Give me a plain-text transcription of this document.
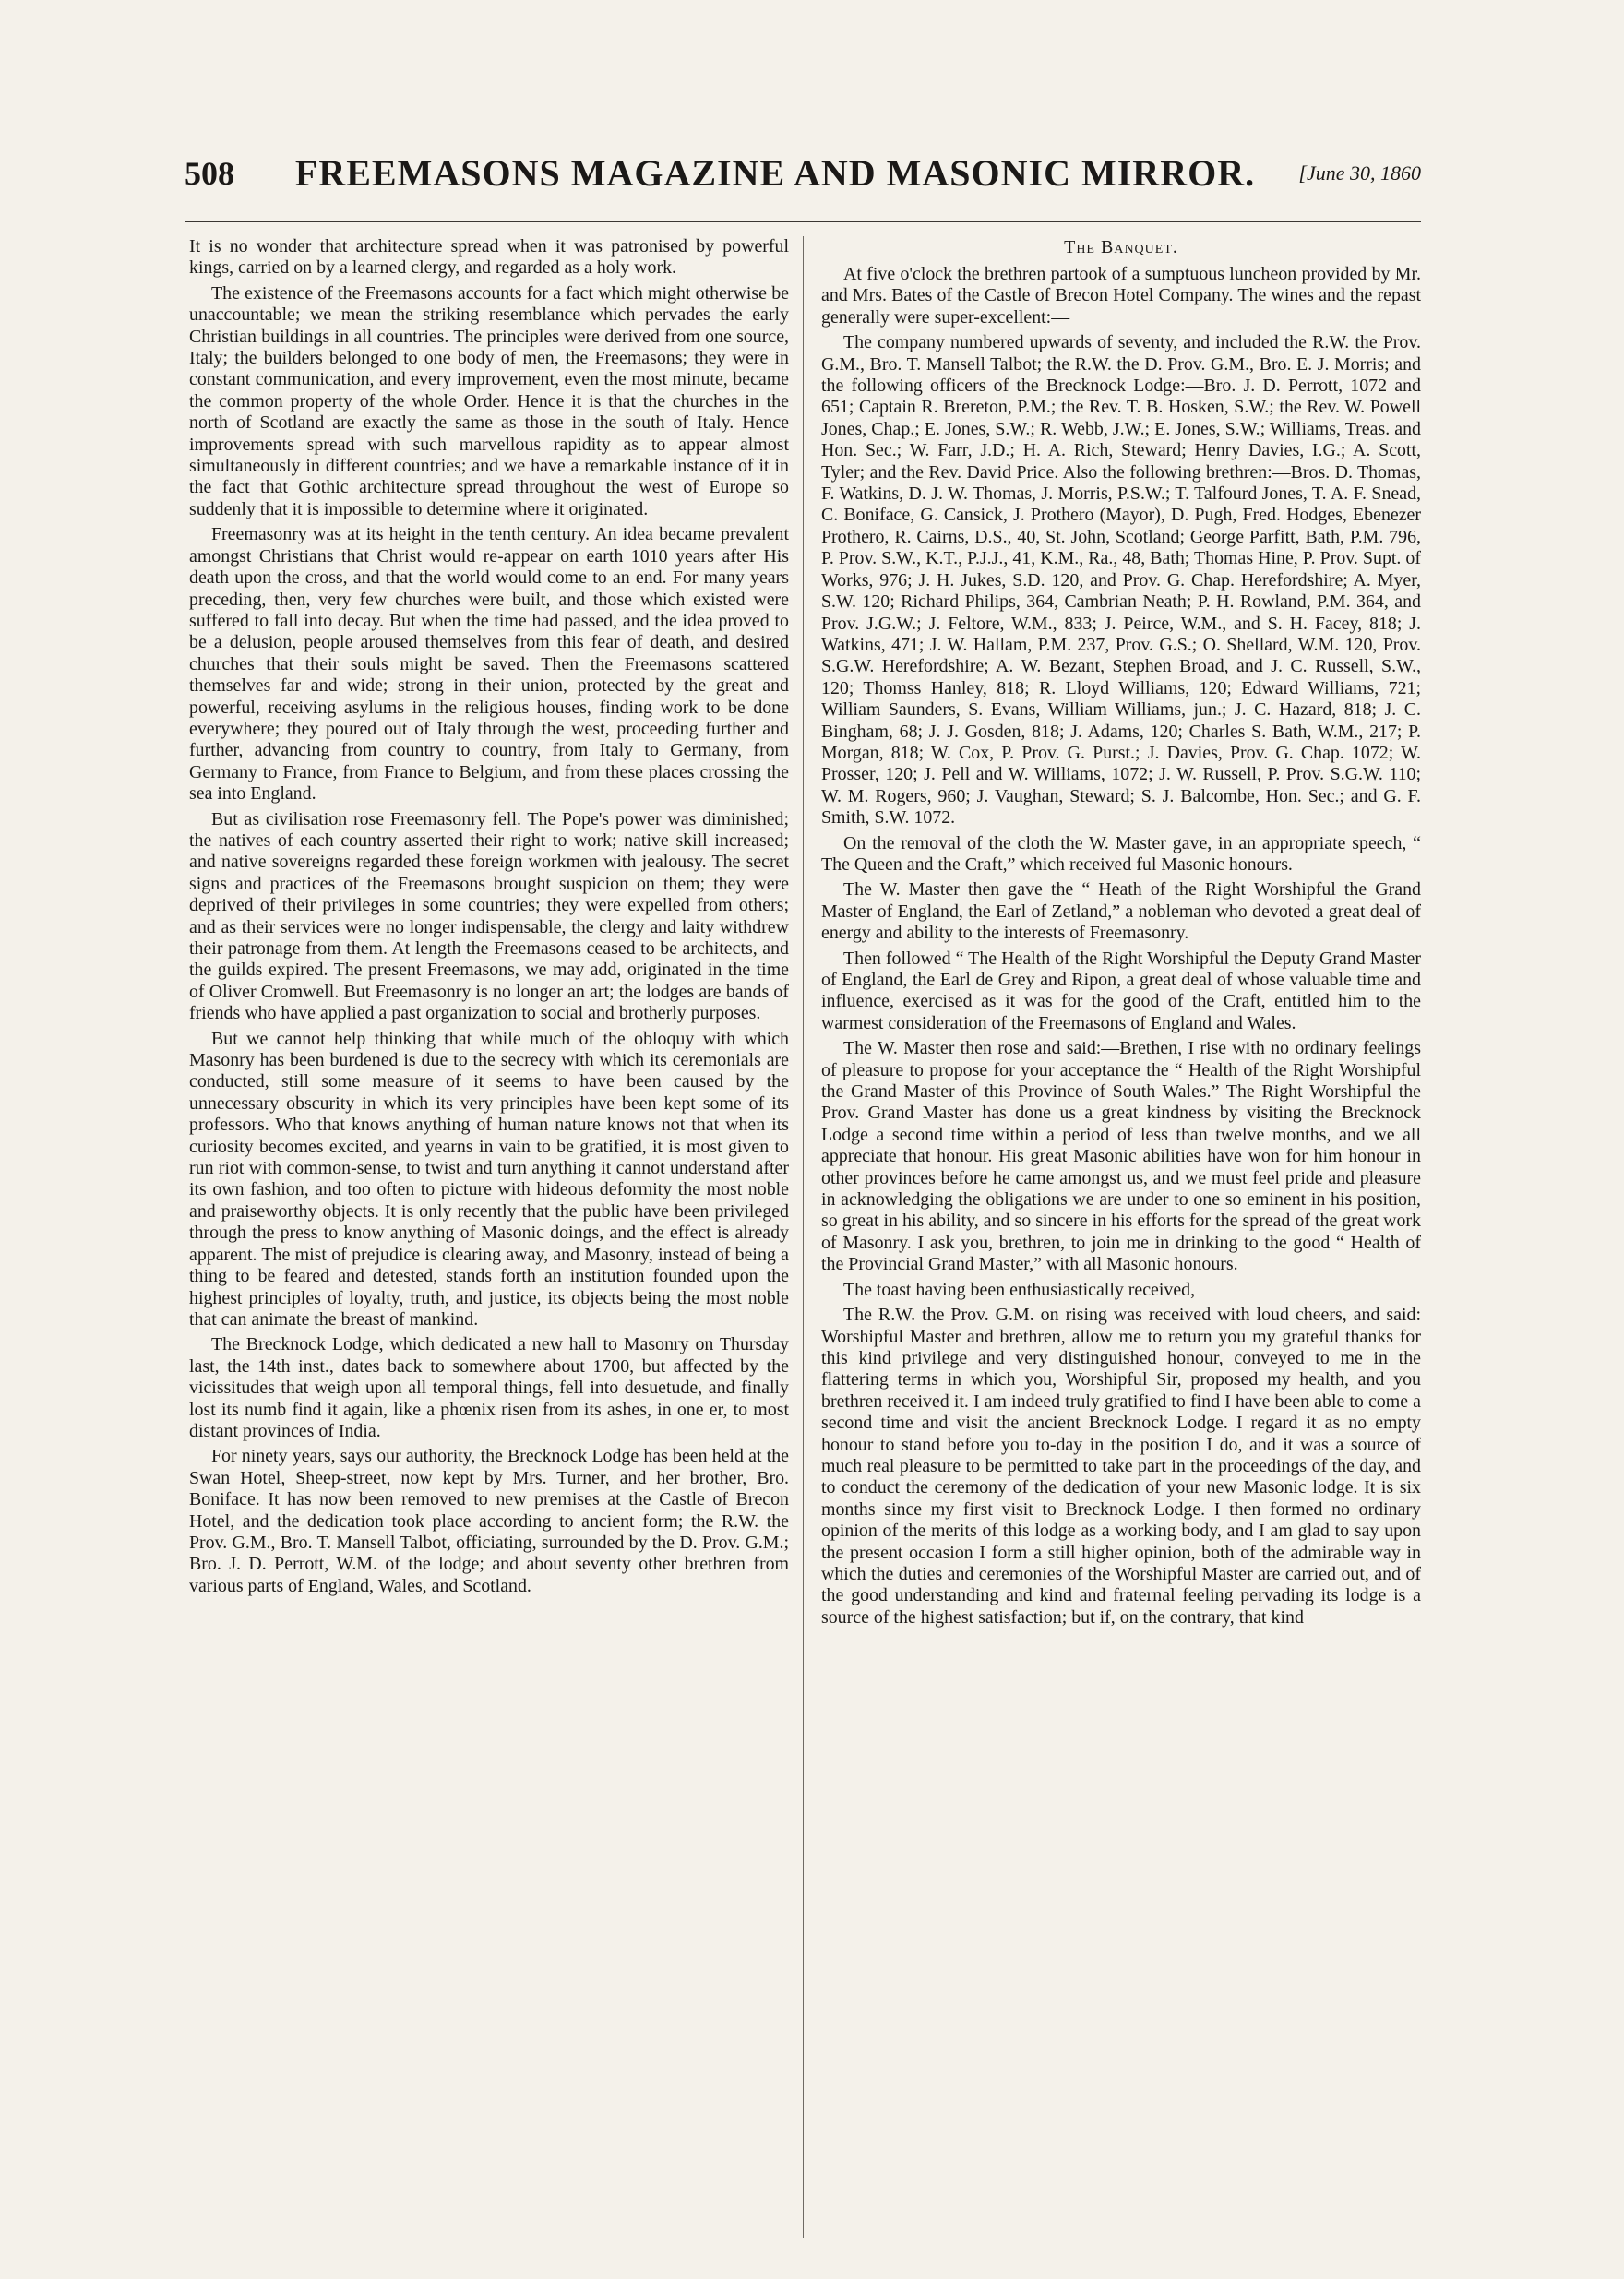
508	FREEMASONS MAGAZINE AND MASONIC MIRROR.	[June 30, 1860

It is no wonder that architecture spread when it was patronised by powerful kings, carried on by a learned clergy, and regarded as a holy work.

The existence of the Freemasons accounts for a fact which might otherwise be unaccountable; we mean the striking resemblance which pervades the early Christian buildings in all countries. The principles were derived from one source, Italy; the builders belonged to one body of men, the Freemasons; they were in constant communication, and every improvement, even the most minute, became the common property of the whole Order. Hence it is that the churches in the north of Scotland are exactly the same as those in the south of Italy. Hence improvements spread with such marvellous rapidity as to appear almost simultaneously in different countries; and we have a remarkable instance of it in the fact that Gothic architecture spread throughout the west of Europe so suddenly that it is impossible to determine where it originated.

Freemasonry was at its height in the tenth century. An idea became prevalent amongst Christians that Christ would re-appear on earth 1010 years after His death upon the cross, and that the world would come to an end. For many years preceding, then, very few churches were built, and those which existed were suffered to fall into decay. But when the time had passed, and the idea proved to be a delusion, people aroused themselves from this fear of death, and desired churches that their souls might be saved. Then the Freemasons scattered themselves far and wide; strong in their union, protected by the great and powerful, receiving asylums in the religious houses, finding work to be done everywhere; they poured out of Italy through the west, proceeding further and further, advancing from country to country, from Italy to Germany, from Germany to France, from France to Belgium, and from these places crossing the sea into England.

But as civilisation rose Freemasonry fell. The Pope's power was diminished; the natives of each country asserted their right to work; native skill increased; and native sovereigns regarded these foreign workmen with jealousy. The secret signs and practices of the Freemasons brought suspicion on them; they were deprived of their privileges in some countries; they were expelled from others; and as their services were no longer indispensable, the clergy and laity withdrew their patronage from them. At length the Freemasons ceased to be architects, and the guilds expired. The present Freemasons, we may add, originated in the time of Oliver Cromwell. But Freemasonry is no longer an art; the lodges are bands of friends who have applied a past organization to social and brotherly purposes.

But we cannot help thinking that while much of the obloquy with which Masonry has been burdened is due to the secrecy with which its ceremonials are conducted, still some measure of it seems to have been caused by the unnecessary obscurity in which its very principles have been kept some of its professors. Who that knows anything of human nature knows not that when its curiosity becomes excited, and yearns in vain to be gratified, it is most given to run riot with common-sense, to twist and turn anything it cannot understand after its own fashion, and too often to picture with hideous deformity the most noble and praiseworthy objects. It is only recently that the public have been privileged through the press to know anything of Masonic doings, and the effect is already apparent. The mist of prejudice is clearing away, and Masonry, instead of being a thing to be feared and detested, stands forth an institution founded upon the highest principles of loyalty, truth, and justice, its objects being the most noble that can animate the breast of mankind.

The Brecknock Lodge, which dedicated a new hall to Masonry on Thursday last, the 14th inst., dates back to somewhere about 1700, but affected by the vicissitudes that weigh upon all temporal things, fell into desuetude, and finally lost its numb find it again, like a phœnix risen from its ashes, in one er, to most distant provinces of India.

For ninety years, says our authority, the Brecknock Lodge has been held at the Swan Hotel, Sheep-street, now kept by Mrs. Turner, and her brother, Bro. Boniface. It has now been removed to new premises at the Castle of Brecon Hotel, and the dedication took place according to ancient form; the R.W. the Prov. G.M., Bro. T. Mansell Talbot, officiating, surrounded by the D. Prov. G.M.; Bro. J. D. Perrott, W.M. of the lodge; and about seventy other brethren from various parts of England, Wales, and Scotland.

The Banquet.

At five o'clock the brethren partook of a sumptuous luncheon provided by Mr. and Mrs. Bates of the Castle of Brecon Hotel Company. The wines and the repast generally were super-excellent:—

The company numbered upwards of seventy, and included the R.W. the Prov. G.M., Bro. T. Mansell Talbot; the R.W. the D. Prov. G.M., Bro. E. J. Morris; and the following officers of the Brecknock Lodge:—Bro. J. D. Perrott, 1072 and 651; Captain R. Brereton, P.M.; the Rev. T. B. Hosken, S.W.; the Rev. W. Powell Jones, Chap.; E. Jones, S.W.; R. Webb, J.W.; E. Jones, S.W.; Williams, Treas. and Hon. Sec.; W. Farr, J.D.; H. A. Rich, Steward; Henry Davies, I.G.; A. Scott, Tyler; and the Rev. David Price. Also the following brethren:—Bros. D. Thomas, F. Watkins, D. J. W. Thomas, J. Morris, P.S.W.; T. Talfourd Jones, T. A. F. Snead, C. Boniface, G. Cansick, J. Prothero (Mayor), D. Pugh, Fred. Hodges, Ebenezer Prothero, R. Cairns, D.S., 40, St. John, Scotland; George Parfitt, Bath, P.M. 796, P. Prov. S.W., K.T., P.J.J., 41, K.M., Ra., 48, Bath; Thomas Hine, P. Prov. Supt. of Works, 976; J. H. Jukes, S.D. 120, and Prov. G. Chap. Herefordshire; A. Myer, S.W. 120; Richard Philips, 364, Cambrian Neath; P. H. Rowland, P.M. 364, and Prov. J.G.W.; J. Feltore, W.M., 833; J. Peirce, W.M., and S. H. Facey, 818; J. Watkins, 471; J. W. Hallam, P.M. 237, Prov. G.S.; O. Shellard, W.M. 120, Prov. S.G.W. Herefordshire; A. W. Bezant, Stephen Broad, and J. C. Russell, S.W., 120; Thomss Hanley, 818; R. Lloyd Williams, 120; Edward Williams, 721; William Saunders, S. Evans, William Williams, jun.; J. C. Hazard, 818; J. C. Bingham, 68; J. J. Gosden, 818; J. Adams, 120; Charles S. Bath, W.M., 217; P. Morgan, 818; W. Cox, P. Prov. G. Purst.; J. Davies, Prov. G. Chap. 1072; W. Prosser, 120; J. Pell and W. Williams, 1072; J. W. Russell, P. Prov. S.G.W. 110; W. M. Rogers, 960; J. Vaughan, Steward; S. J. Balcombe, Hon. Sec.; and G. F. Smith, S.W. 1072.

On the removal of the cloth the W. Master gave, in an appropriate speech, “ The Queen and the Craft,” which received ful Masonic honours.

The W. Master then gave the “ Heath of the Right Worshipful the Grand Master of England, the Earl of Zetland,” a nobleman who devoted a great deal of energy and ability to the interests of Freemasonry.

Then followed “ The Health of the Right Worshipful the Deputy Grand Master of England, the Earl de Grey and Ripon, a great deal of whose valuable time and influence, exercised as it was for the good of the Craft, entitled him to the warmest consideration of the Freemasons of England and Wales.

The W. Master then rose and said:—Brethen, I rise with no ordinary feelings of pleasure to propose for your acceptance the “ Health of the Right Worshipful the Grand Master of this Province of South Wales.” The Right Worshipful the Prov. Grand Master has done us a great kindness by visiting the Brecknock Lodge a second time within a period of less than twelve months, and we all appreciate that honour. His great Masonic abilities have won for him honour in other provinces before he came amongst us, and we must feel pride and pleasure in acknowledging the obligations we are under to one so eminent in his position, so great in his ability, and so sincere in his efforts for the spread of the great work of Masonry. I ask you, brethren, to join me in drinking to the good “ Health of the Provincial Grand Master,” with all Masonic honours.

The toast having been enthusiastically received,

The R.W. the Prov. G.M. on rising was received with loud cheers, and said: Worshipful Master and brethren, allow me to return you my grateful thanks for this kind privilege and very distinguished honour, conveyed to me in the flattering terms in which you, Worshipful Sir, proposed my health, and you brethren received it. I am indeed truly gratified to find I have been able to come a second time and visit the ancient Brecknock Lodge. I regard it as no empty honour to stand before you to-day in the position I do, and it was a source of much real pleasure to be permitted to take part in the proceedings of the day, and to conduct the ceremony of the dedication of your new Masonic lodge. It is six months since my first visit to Brecknock Lodge. I then formed no ordinary opinion of the merits of this lodge as a working body, and I am glad to say upon the present occasion I form a still higher opinion, both of the admirable way in which the duties and ceremonies of the Worshipful Master are carried out, and of the good understanding and kind and fraternal feeling pervading its lodge is a source of the highest satisfaction; but if, on the contrary, that kind
